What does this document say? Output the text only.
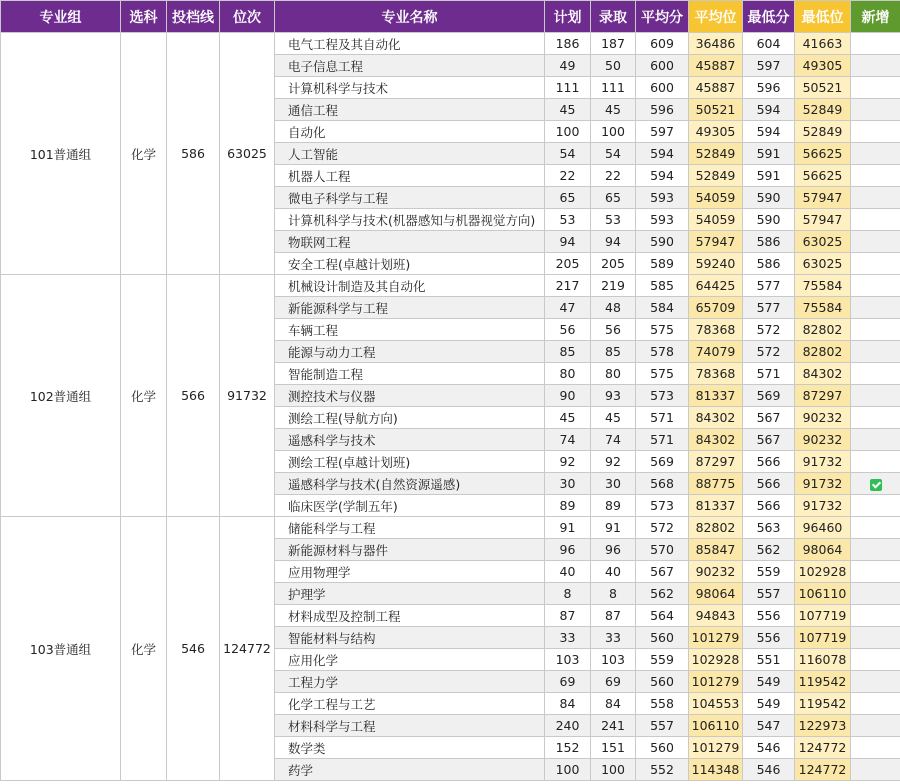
专业组	选科	投档线	位次	专业名称	计划	录取	平均分	平均位	最低分	最低位	新增
101普通组	化学	586	63025	电气工程及其自动化	186	187	609	36486	604	41663	
				电子信息工程	49	50	600	45887	597	49305	
				计算机科学与技术	111	111	600	45887	596	50521	
				通信工程	45	45	596	50521	594	52849	
				自动化	100	100	597	49305	594	52849	
				人工智能	54	54	594	52849	591	56625	
				机器人工程	22	22	594	52849	591	56625	
				微电子科学与工程	65	65	593	54059	590	57947	
				计算机科学与技术(机器感知与机器视觉方向)	53	53	593	54059	590	57947	
				物联网工程	94	94	590	57947	586	63025	
				安全工程(卓越计划班)	205	205	589	59240	586	63025	
102普通组	化学	566	91732	机械设计制造及其自动化	217	219	585	64425	577	75584	
				新能源科学与工程	47	48	584	65709	577	75584	
				车辆工程	56	56	575	78368	572	82802	
				能源与动力工程	85	85	578	74079	572	82802	
				智能制造工程	80	80	575	78368	571	84302	
				测控技术与仪器	90	93	573	81337	569	87297	
				测绘工程(导航方向)	45	45	571	84302	567	90232	
				遥感科学与技术	74	74	571	84302	567	90232	
				测绘工程(卓越计划班)	92	92	569	87297	566	91732	
				遥感科学与技术(自然资源遥感)	30	30	568	88775	566	91732	
				临床医学(学制五年)	89	89	573	81337	566	91732	
103普通组	化学	546	124772	储能科学与工程	91	91	572	82802	563	96460	
				新能源材料与器件	96	96	570	85847	562	98064	
				应用物理学	40	40	567	90232	559	102928	
				护理学	8	8	562	98064	557	106110	
				材料成型及控制工程	87	87	564	94843	556	107719	
				智能材料与结构	33	33	560	101279	556	107719	
				应用化学	103	103	559	102928	551	116078	
				工程力学	69	69	560	101279	549	119542	
				化学工程与工艺	84	84	558	104553	549	119542	
				材料科学与工程	240	241	557	106110	547	122973	
				数学类	152	151	560	101279	546	124772	
				药学	100	100	552	114348	546	124772	
